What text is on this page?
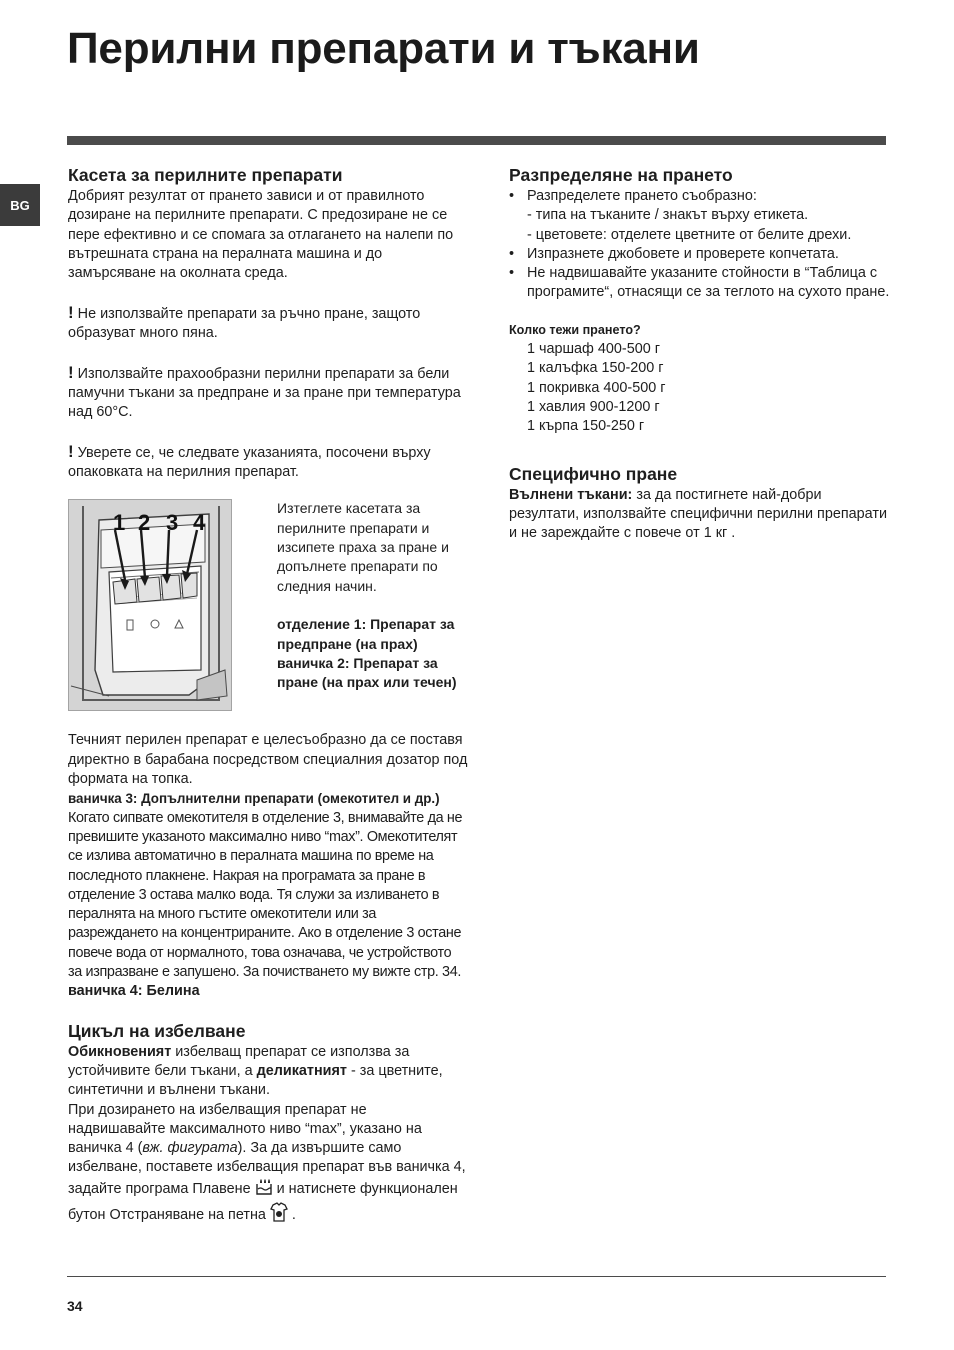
Перилни препарати и тъкани
BG
Касета за перилните препарати

Добрият резултат от прането зависи и от правилното дозиране на перилните препарати. С предозиране не се пере ефективно и се спомага за отлагането на налепи по вътрешната страна на пералната машина и до замърсяване на околната среда.

! Не използвайте препарати за ръчно пране, защото образуват много пяна.

! Използвайте прахообразни перилни препарати за бели памучни тъкани за предпране и за пране при температура над 60°C.

! Уверете се, че следвате указанията, посочени върху опаковката на перилния препарат.

1 2 3 4

Изтеглете касетата за перилните препарати и изсипете праха за пране и допълнете препарати по следния начин.

отделение 1: Препарат за предпране (на прах)

ваничка 2: Препарат за пране (на прах или течен)

Течният перилен препарат е целесъобразно да се поставя директно в барабана посредством специалния дозатор под формата на топка.

ваничка 3: Допълнителни препарати (омекотител и др.)

Когато сипвате омекотителя в отделение 3, внимавайте да не превишите указаното максимално ниво “max”. Омекотителят се излива автоматично в пералната машина по време на последното плакнене. Накрая на програмата за пране в отделение 3 остава малко вода. Тя служи за изливането в пералнята на много гъстите омекотители или за разреждането на концентрираните. Ако в отделение 3 остане повече вода от нормалното, това означава, че устройството за изпразване е запушено. За почистването му вижте стр. 34.

ваничка 4: Белина

Цикъл на избелване

Обикновеният избелващ препарат се използва за устойчивите бели тъкани, а деликатният - за цветните, синтетични и вълнени тъкани.

При дозирането на избелващия препарат не надвишавайте максималното ниво “max”, указано на ваничка 4 (вж. фигурата). За да извършите само избелване, поставете избелващия препарат във ваничка 4, задайте програма Плавене  и натиснете функционален бутон Отстраняване на петна  .

Разпределяне на прането
• Разпределете прането съобразно:
- типа на тъканите / знакът върху етикета.
- цветовете: отделете цветните от белите дрехи.
• Изпразнете джобовете и проверете копчетата.
• Не надвишавайте указаните стойности в “Таблица с програмите“, отнасящи се за теглото на сухото пране.

Колко тежи прането?

1 чаршаф 400-500 г

1 калъфка 150-200 г

1 покривка 400-500 г

1 хавлия 900-1200 г

1 кърпа 150-250 г

Специфично пране

Вълнени тъкани: за да постигнете най-добри резултати, използвайте специфични перилни препарати и не зареждайте с повече от 1 кг .

34
